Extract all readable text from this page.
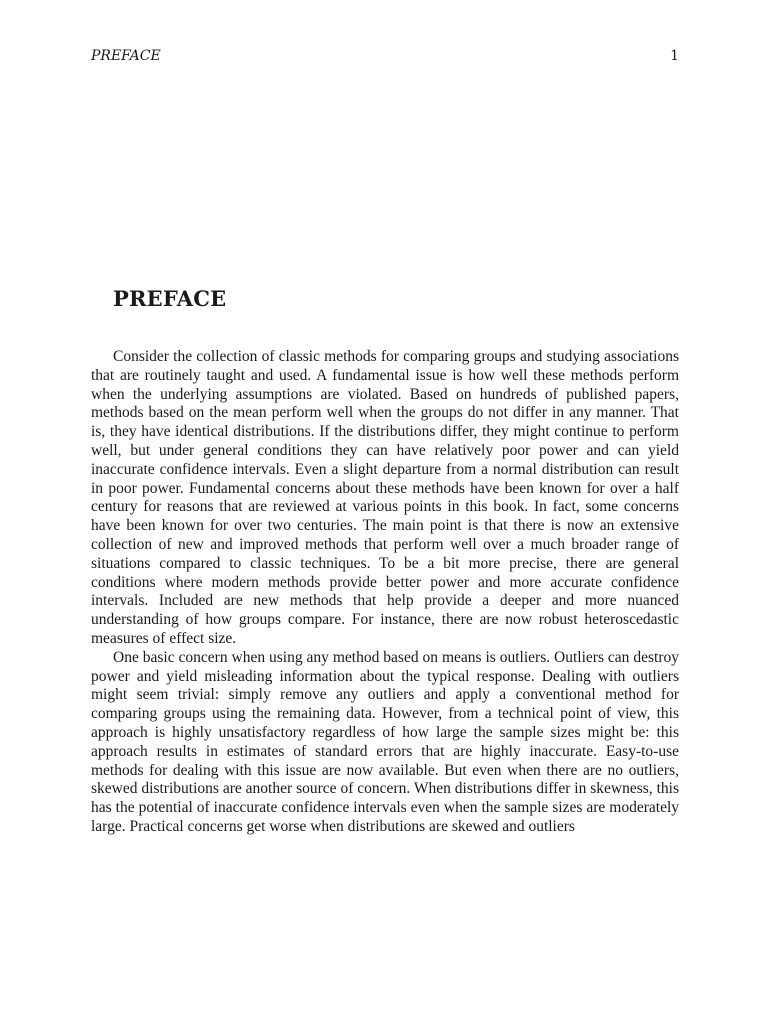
PREFACE	1
PREFACE

Consider the collection of classic methods for comparing groups and studying associations that are routinely taught and used. A fundamental issue is how well these methods perform when the underlying assumptions are violated. Based on hundreds of published papers, methods based on the mean perform well when the groups do not differ in any manner. That is, they have identical distributions. If the distributions differ, they might continue to perform well, but under general conditions they can have relatively poor power and can yield inaccurate confidence intervals. Even a slight departure from a normal distribution can result in poor power. Fundamental concerns about these methods have been known for over a half century for reasons that are reviewed at various points in this book. In fact, some concerns have been known for over two centuries. The main point is that there is now an extensive collection of new and improved methods that perform well over a much broader range of situations compared to classic techniques. To be a bit more precise, there are general conditions where modern methods provide better power and more accurate confidence intervals. Included are new methods that help provide a deeper and more nuanced understanding of how groups compare. For instance, there are now robust heteroscedastic measures of effect size.

One basic concern when using any method based on means is outliers. Outliers can destroy power and yield misleading information about the typical response. Dealing with outliers might seem trivial: simply remove any outliers and apply a conventional method for comparing groups using the remaining data. However, from a technical point of view, this approach is highly unsatisfactory regardless of how large the sample sizes might be: this approach results in estimates of standard errors that are highly inaccurate. Easy-to-use methods for dealing with this issue are now available. But even when there are no outliers, skewed distributions are another source of concern. When distributions differ in skewness, this has the potential of inaccurate confidence intervals even when the sample sizes are moderately large. Practical concerns get worse when distributions are skewed and outliers
